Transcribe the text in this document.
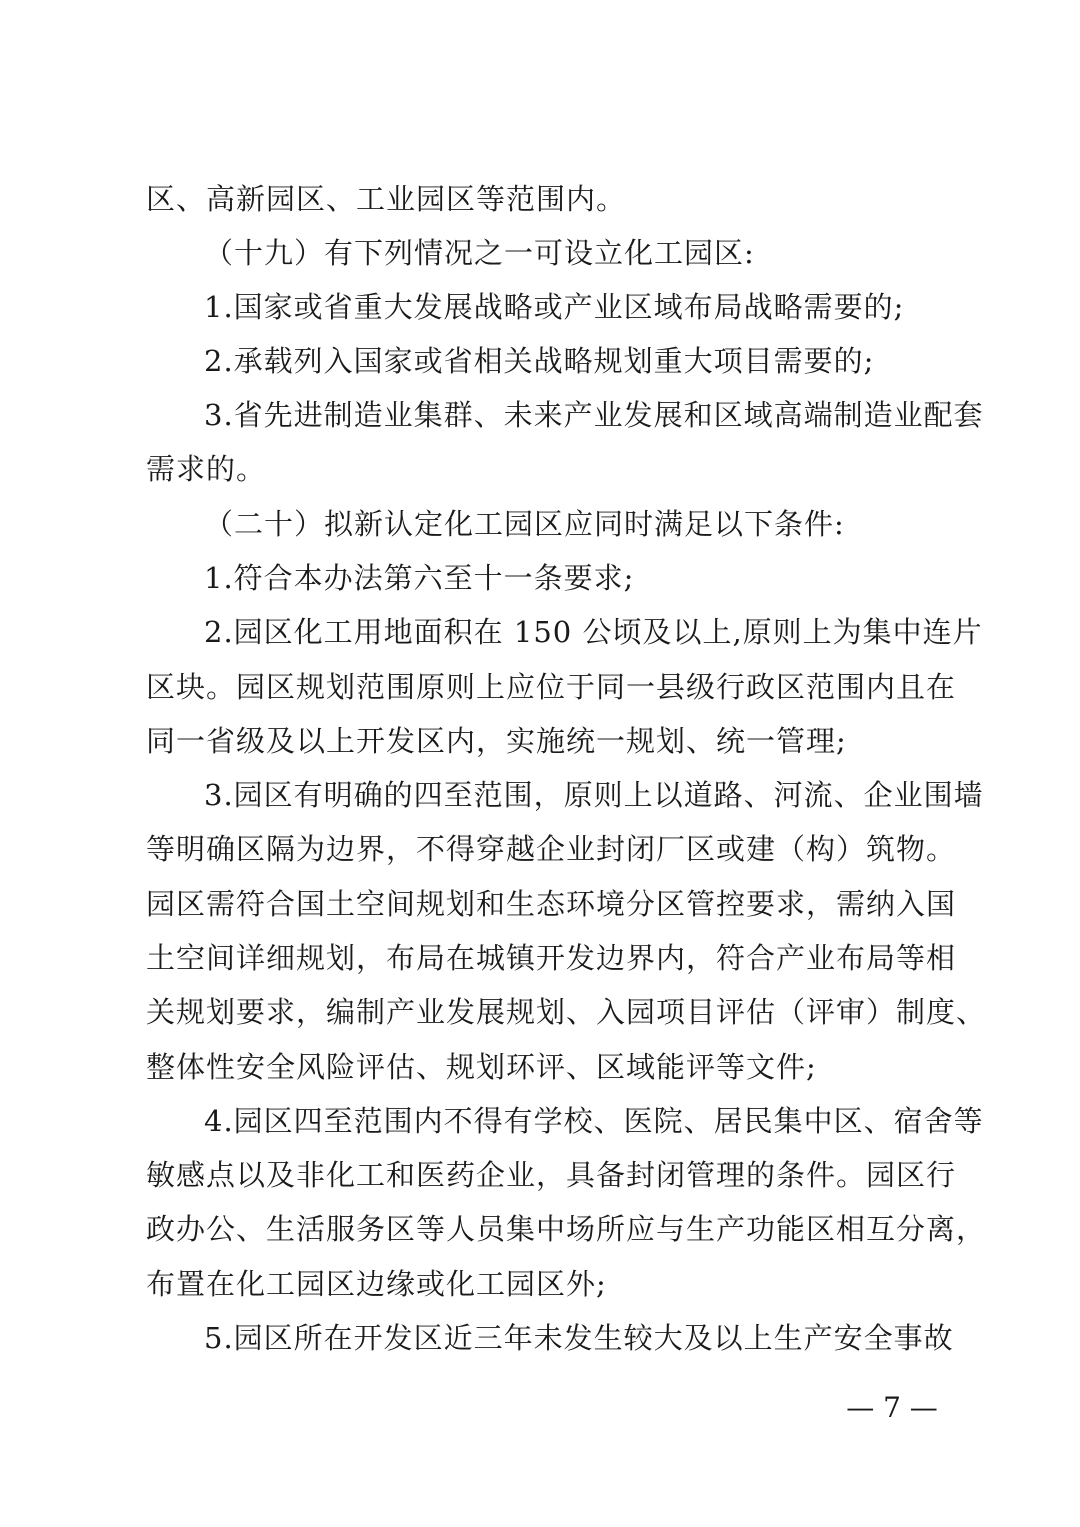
区、高新园区、工业园区等范围内。
（十九）有下列情况之一可设立化工园区:
1.国家或省重大发展战略或产业区域布局战略需要的;
2.承载列入国家或省相关战略规划重大项目需要的;
3.省先进制造业集群、未来产业发展和区域高端制造业配套
需求的。
（二十）拟新认定化工园区应同时满足以下条件:
1.符合本办法第六至十一条要求;
2.园区化工用地面积在 150 公顷及以上,原则上为集中连片
区块。园区规划范围原则上应位于同一县级行政区范围内且在
同一省级及以上开发区内，实施统一规划、统一管理;
3.园区有明确的四至范围，原则上以道路、河流、企业围墙
等明确区隔为边界，不得穿越企业封闭厂区或建（构）筑物。
园区需符合国土空间规划和生态环境分区管控要求，需纳入国
土空间详细规划，布局在城镇开发边界内，符合产业布局等相
关规划要求，编制产业发展规划、入园项目评估（评审）制度、
整体性安全风险评估、规划环评、区域能评等文件;
4.园区四至范围内不得有学校、医院、居民集中区、宿舍等
敏感点以及非化工和医药企业，具备封闭管理的条件。园区行
政办公、生活服务区等人员集中场所应与生产功能区相互分离，
布置在化工园区边缘或化工园区外;
5.园区所在开发区近三年未发生较大及以上生产安全事故
— 7 —
